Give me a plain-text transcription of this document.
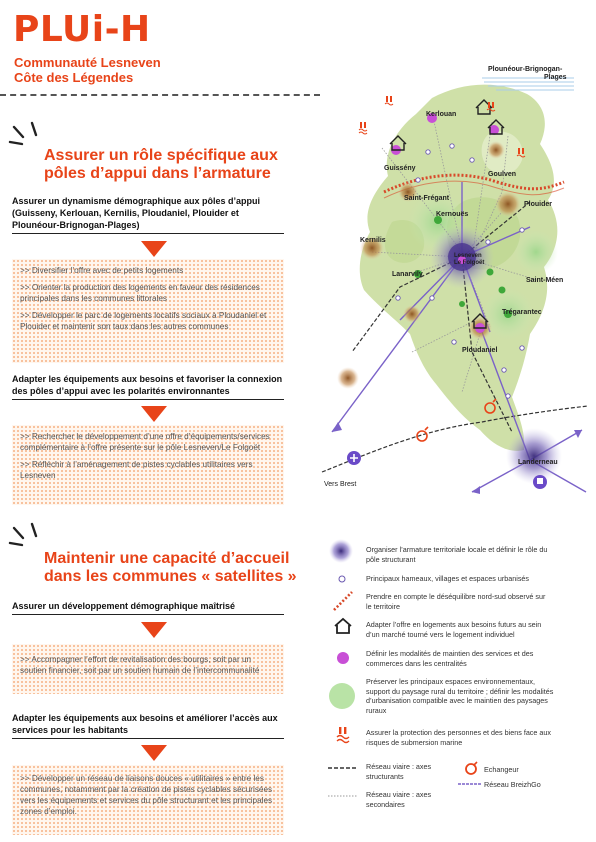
PLUi-H
Communauté Lesneven
Côte des Légendes
Assurer un rôle spécifique aux
pôles d’appui dans l’armature
Assurer un dynamisme démographique aux pôles d’appui (Guisseny, Kerlouan, Kernilis, Ploudaniel, Plouider et Plounéour-Brignogan-Plages)

>> Diversifier l’offre avec de petits logements

>> Orienter la production des logements en faveur des résidences principales dans les communes littorales

>> Développer le parc de logements locatifs sociaux à Ploudaniel et Plouider et maintenir son taux dans les autres communes

Adapter les équipements aux besoins et favoriser la connexion des pôles d’appui avec les polarités environnantes

>> Rechercher le développement d’une offre d’équipements/services complémentaire à l’offre présente sur le pôle Lesneven/Le Folgoët

>> Réfléchir à l’aménagement de pistes cyclables utilitaires vers Lesneven

Maintenir une capacité d’accueil
dans les communes « satellites »
Assurer un développement démographique maîtrisé

>> Accompagner l’effort de revitalisation des bourgs, soit par un soutien financier, soit par un soutien humain de l’intercommunalité

Adapter les équipements aux besoins et améliorer l’accès aux services pour les habitants

>> Développer un réseau de liaisons douces « utilitaires » entre les communes, notamment par la création de pistes cyclables sécurisées vers les équipements et services du pôle structurant et les principales zones d’emploi.

Plounéour-Brignogan-
Plages
Kerlouan
Guissény
Goulven
Saint-Frégant
Plouider
Kernouës
Kernilis
Lesneven
Le Folgoët
Lanarvily
Saint-Méen
Trégarantec
Ploudaniel
Landerneau
Vers Brest
Organiser l’armature territoriale locale et définir le rôle du pôle structurant
Principaux hameaux, villages et espaces urbanisés
Prendre en compte le déséquilibre nord-sud observé sur le territoire
Adapter l’offre en logements aux besoins futurs au sein d’un marché tourné vers le logement individuel
Définir les modalités de maintien des services et des commerces dans les centralités
Préserver les principaux espaces environnementaux, support du paysage rural du territoire ; définir les modalités d’urbanisation compatible avec le maintien des paysages ruraux
Assurer la protection des personnes et des biens face aux risques de submersion marine
Réseau viaire : axes structurants
Echangeur
Réseau BreizhGo
Réseau viaire : axes secondaires
